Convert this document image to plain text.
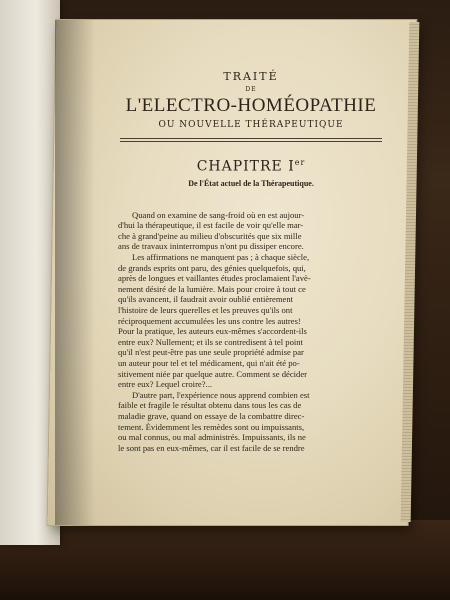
TRAITÉ

DE

L'ELECTRO-HOMÉOPATHIE

OU NOUVELLE THÉRAPEUTIQUE

CHAPITRE Ier

De l'État actuel de la Thérapeutique.

Quand on examine de sang-froid où en est aujour-
d'hui la thérapeutique, il est facile de voir qu'elle mar-
che à grand'peine au milieu d'obscurités que six mille
ans de travaux ininterrompus n'ont pu dissiper encore.
Les affirmations ne manquent pas ; à chaque siècle,
de grands esprits ont paru, des génies quelquefois, qui,
après de longues et vaillantes études proclamaient l'avè-
nement désiré de la lumière. Mais pour croire à tout ce
qu'ils avancent, il faudrait avoir oublié entièrement
l'histoire de leurs querelles et les preuves qu'ils ont
réciproquement accumulées les uns contre les autres!
Pour la pratique, les auteurs eux-mêmes s'accordent-ils
entre eux? Nullement; et ils se contredisent à tel point
qu'il n'est peut-être pas une seule propriété admise par
un auteur pour tel et tel médicament, qui n'ait été po-
sitivement niée par quelque autre. Comment se décider
entre eux? Lequel croire?...
D'autre part, l'expérience nous apprend combien est
faible et fragile le résultat obtenu dans tous les cas de
maladie grave, quand on essaye de la combattre direc-
tement. Évidemment les remèdes sont ou impuissants,
ou mal connus, ou mal administrés. Impuissants, ils ne
le sont pas en eux-mêmes, car il est facile de se rendre
